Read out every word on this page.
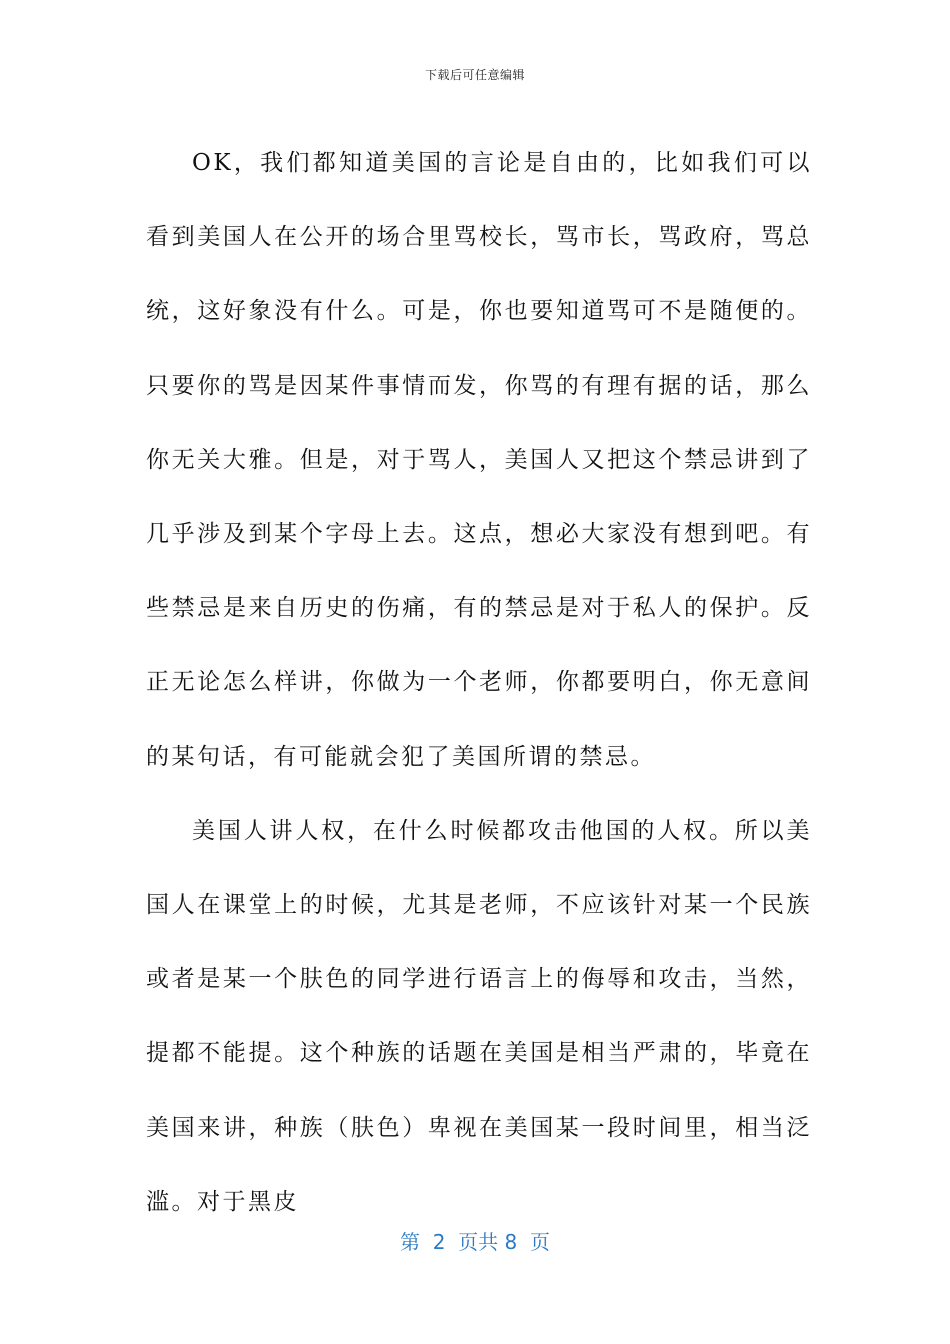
下载后可任意编辑

OK，我们都知道美国的言论是自由的，比如我们可以看到美国人在公开的场合里骂校长，骂市长，骂政府，骂总统，这好象没有什么。可是，你也要知道骂可不是随便的。只要你的骂是因某件事情而发，你骂的有理有据的话，那么你无关大雅。但是，对于骂人，美国人又把这个禁忌讲到了几乎涉及到某个字母上去。这点，想必大家没有想到吧。有些禁忌是来自历史的伤痛，有的禁忌是对于私人的保护。反正无论怎么样讲，你做为一个老师，你都要明白，你无意间的某句话，有可能就会犯了美国所谓的禁忌。

美国人讲人权，在什么时候都攻击他国的人权。所以美国人在课堂上的时候，尤其是老师，不应该针对某一个民族或者是某一个肤色的同学进行语言上的侮辱和攻击，当然，提都不能提。这个种族的话题在美国是相当严肃的，毕竟在美国来讲，种族（肤色）卑视在美国某一段时间里，相当泛滥。对于黑皮

第  2  页共 8  页
